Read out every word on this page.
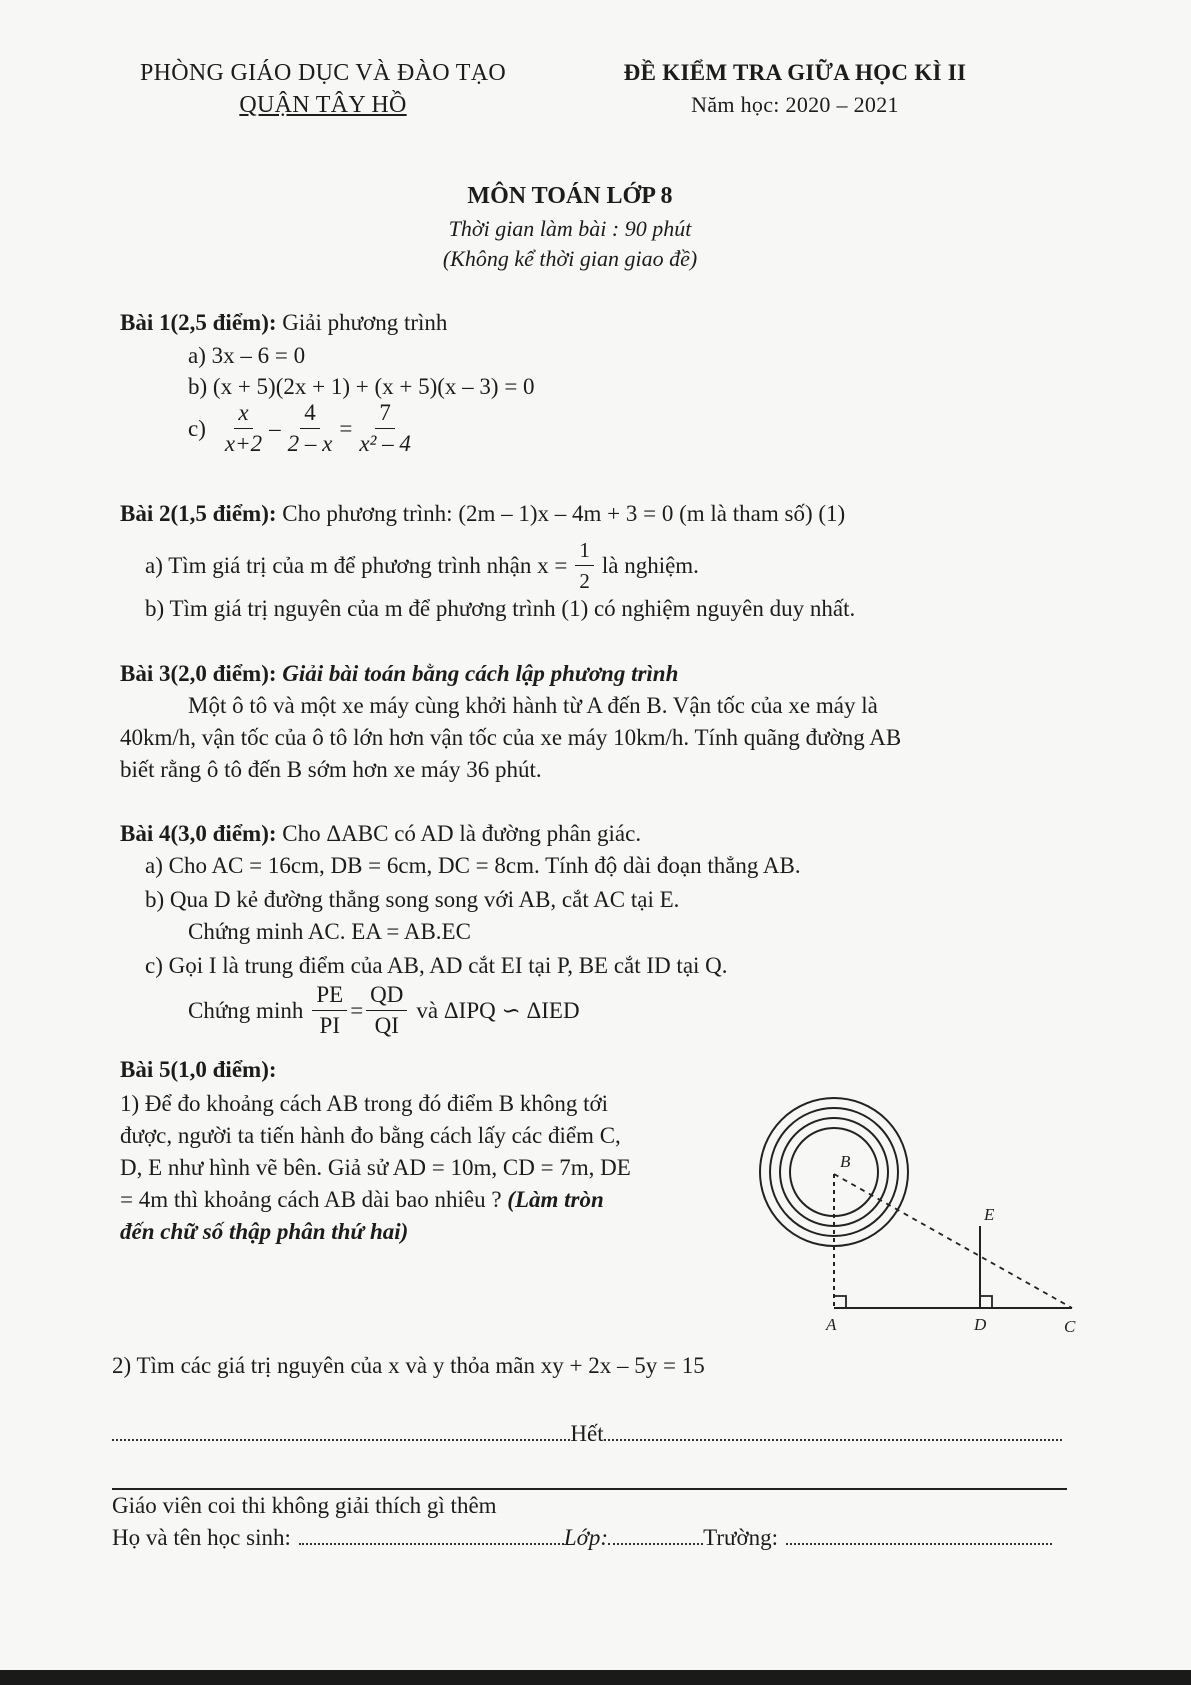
PHÒNG GIÁO DỤC VÀ ĐÀO TẠO
QUẬN TÂY HỒ
ĐỀ KIỂM TRA GIỮA HỌC KÌ II
Năm học: 2020 – 2021
MÔN TOÁN LỚP 8
Thời gian làm bài : 90 phút
(Không kể thời gian giao đề)
Bài 1(2,5 điểm): Giải phương trình
a) 3x – 6 = 0
b) (x + 5)(2x + 1) + (x + 5)(x – 3) = 0
$c) \frac{x}{x+2} - \frac{4}{2 - x} = \frac{7}{\text{x² – 4}}$
Bài 2(1,5 điểm): Cho phương trình: (2m – 1)x – 4m + 3 = 0 (m là tham số) (1)
a) Tìm giá trị của m để phương trình nhận $x = \frac{1}{2}$ là nghiệm.
b) Tìm giá trị nguyên của m để phương trình (1) có nghiệm nguyên duy nhất.
Bài 3(2,0 điểm): Giải bài toán bằng cách lập phương trình
Một ô tô và một xe máy cùng khởi hành từ A đến B. Vận tốc của xe máy là
40km/h, vận tốc của ô tô lớn hơn vận tốc của xe máy 10km/h. Tính quãng đường AB
biết rằng ô tô đến B sớm hơn xe máy 36 phút.
Bài 4(3,0 điểm): Cho ΔABC có AD là đường phân giác.
a) Cho AC = 16cm, DB = 6cm, DC = 8cm. Tính độ dài đoạn thẳng AB.
b) Qua D kẻ đường thẳng song song với AB, cắt AC tại E.
Chứng minh AC. EA = AB.EC
c) Gọi I là trung điểm của AB, AD cắt EI tại P, BE cắt ID tại Q.
Chứng minh $\frac{PE}{PI} = \frac{QD}{QI}$ và ΔIPQ ∽ ΔIED
Bài 5(1,0 điểm):
1) Để đo khoảng cách AB trong đó điểm B không tới
được, người ta tiến hành đo bằng cách lấy các điểm C,
D, E như hình vẽ bên. Giả sử AD = 10m, CD = 7m, DE
= 4m thì khoảng cách AB dài bao nhiêu ? (Làm tròn
đến chữ số thập phân thứ hai)
B
E
A	D	C
2) Tìm các giá trị nguyên của x và y thỏa mãn xy + 2x – 5y = 15
Hết
Giáo viên coi thi không giải thích gì thêm
Họ và tên học sinh:	Lớp:	Trường:
